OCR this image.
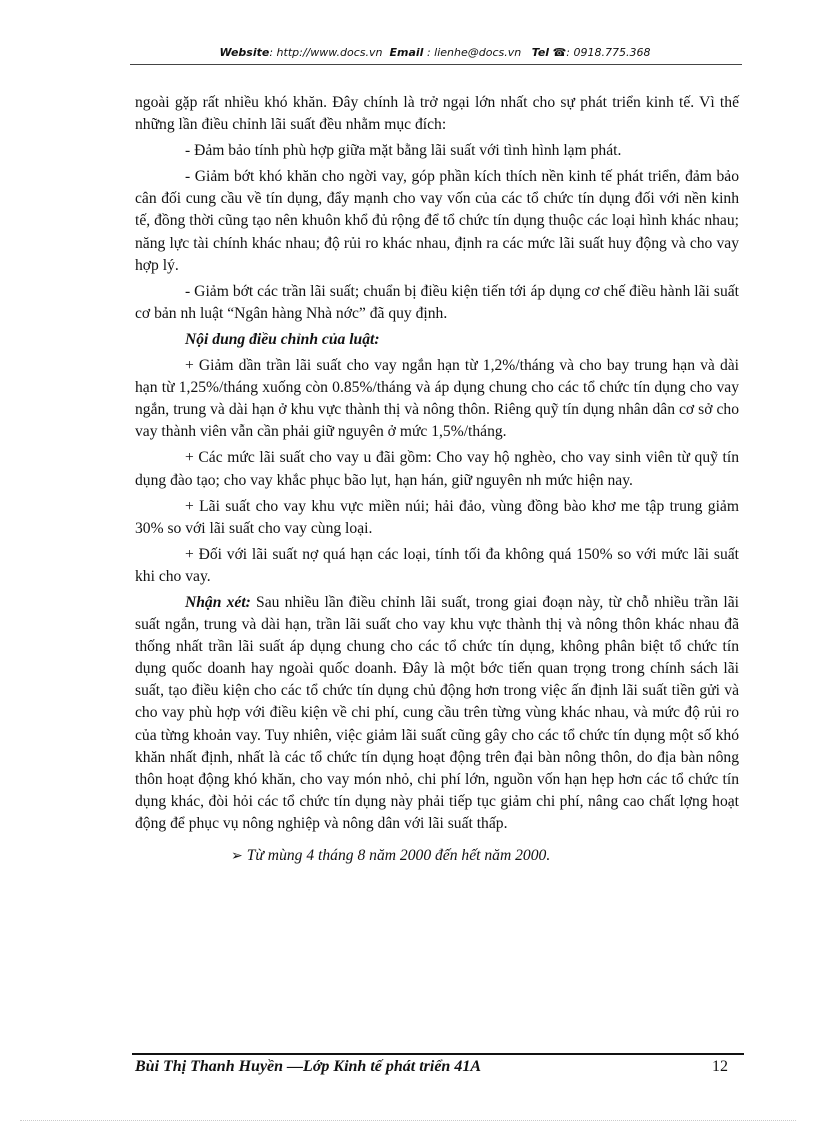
Website: http://www.docs.vn Email : lienhe@docs.vn Tel ☎: 0918.775.368

ngoài gặp rất nhiều khó khăn. Đây chính là trở ngại lớn nhất cho sự phát triển kinh tế. Vì thế những lần điều chỉnh lãi suất đều nhằm mục đích:

- Đảm bảo tính phù hợp giữa mặt bằng lãi suất với tình hình lạm phát.

- Giảm bớt khó khăn cho ngời vay, góp phần kích thích nền kinh tế phát triển, đảm bảo cân đối cung cầu về tín dụng, đẩy mạnh cho vay vốn của các tổ chức tín dụng đối với nền kinh tế, đồng thời cũng tạo nên khuôn khổ đủ rộng để tổ chức tín dụng thuộc các loại hình khác nhau; năng lực tài chính khác nhau; độ rủi ro khác nhau, định ra các mức lãi suất huy động và cho vay hợp lý.

- Giảm bớt các trần lãi suất; chuẩn bị điều kiện tiến tới áp dụng cơ chế điều hành lãi suất cơ bản nh luật “Ngân hàng Nhà nớc” đã quy định.

Nội dung điều chỉnh của luật:

+ Giảm dần trần lãi suất cho vay ngắn hạn từ 1,2%/tháng và cho bay trung hạn và dài hạn từ 1,25%/tháng xuống còn 0.85%/tháng và áp dụng chung cho các tổ chức tín dụng cho vay ngắn, trung và dài hạn ở khu vực thành thị và nông thôn. Riêng quỹ tín dụng nhân dân cơ sở cho vay thành viên vẫn cần phải giữ nguyên ở mức 1,5%/tháng.

+ Các mức lãi suất cho vay u đãi gồm: Cho vay hộ nghèo, cho vay sinh viên từ quỹ tín dụng đào tạo; cho vay khắc phục bão lụt, hạn hán, giữ nguyên nh mức hiện nay.

+ Lãi suất cho vay khu vực miền núi; hải đảo, vùng đồng bào khơ me tập trung giảm 30% so với lãi suất cho vay cùng loại.

+ Đối với lãi suất nợ quá hạn các loại, tính tối đa không quá 150% so với mức lãi suất khi cho vay.

Nhận xét: Sau nhiều lần điều chỉnh lãi suất, trong giai đoạn này, từ chỗ nhiều trần lãi suất ngắn, trung và dài hạn, trần lãi suất cho vay khu vực thành thị và nông thôn khác nhau đã thống nhất trần lãi suất áp dụng chung cho các tổ chức tín dụng, không phân biệt tổ chức tín dụng quốc doanh hay ngoài quốc doanh. Đây là một bớc tiến quan trọng trong chính sách lãi suất, tạo điều kiện cho các tổ chức tín dụng chủ động hơn trong việc ấn định lãi suất tiền gửi và cho vay phù hợp với điều kiện về chi phí, cung cầu trên từng vùng khác nhau, và mức độ rủi ro của từng khoản vay. Tuy nhiên, việc giảm lãi suất cũng gây cho các tổ chức tín dụng một số khó khăn nhất định, nhất là các tổ chức tín dụng hoạt động trên đại bàn nông thôn, do địa bàn nông thôn hoạt động khó khăn, cho vay món nhỏ, chi phí lớn, nguồn vốn hạn hẹp hơn các tổ chức tín dụng khác, đòi hỏi các tổ chức tín dụng này phải tiếp tục giảm chi phí, nâng cao chất lợng hoạt động để phục vụ nông nghiệp và nông dân với lãi suất thấp.

➢ Từ mùng 4 tháng 8 năm 2000 đến hết năm 2000.

Bùi Thị Thanh Huyền —Lớp Kinh tế phát triển 41A	12
